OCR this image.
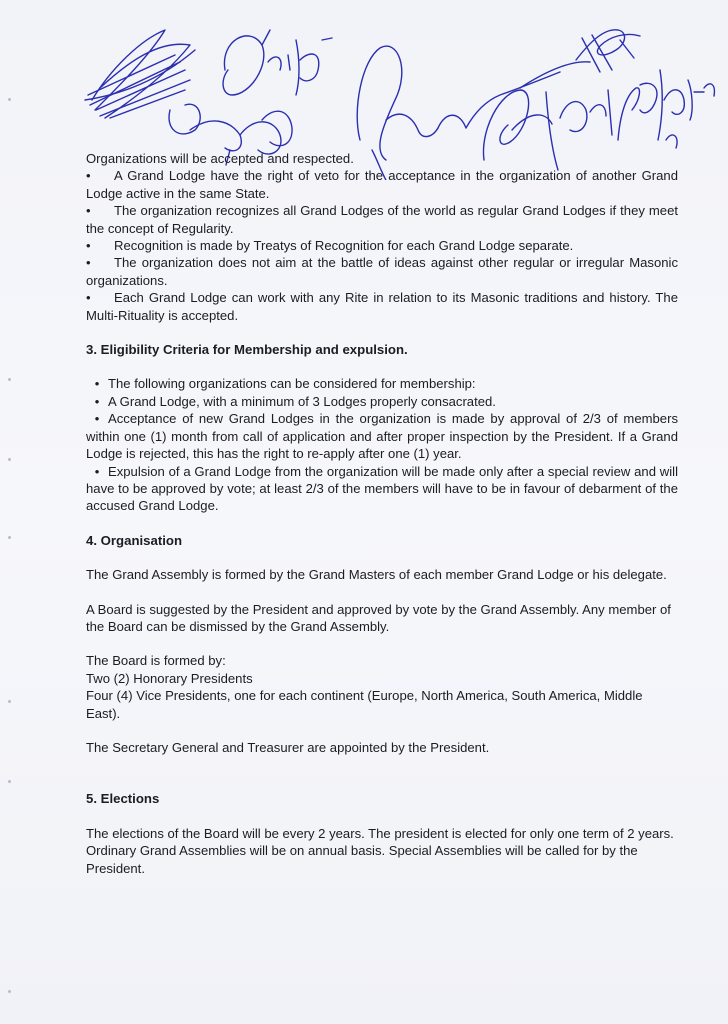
Organizations will be accepted and respected.

• A Grand Lodge have the right of veto for the acceptance in the organization of another Grand Lodge active in the same State.

• The organization recognizes all Grand Lodges of the world as regular Grand Lodges if they meet the concept of Regularity.

• Recognition is made by Treatys of Recognition for each Grand Lodge separate.

• The organization does not aim at the battle of ideas against other regular or irregular Masonic organizations.

• Each Grand Lodge can work with any Rite in relation to its Masonic traditions and history. The Multi-Rituality is accepted.

3. Eligibility Criteria for Membership and expulsion.
• The following organizations can be considered for membership:
• A Grand Lodge, with a minimum of 3 Lodges properly consacrated.
• Acceptance of new Grand Lodges in the organization is made by approval of 2/3 of members within one (1) month from call of application and after proper inspection by the President. If a Grand Lodge is rejected, this has the right to re-apply after one (1) year.
• Expulsion of a Grand Lodge from the organization will be made only after a special review and will have to be approved by vote; at least 2/3 of the members will have to be in favour of debarment of the accused Grand Lodge.
4. Organisation

The Grand Assembly is formed by the Grand Masters of each member Grand Lodge or his delegate.

A Board is suggested by the President and approved by vote by the Grand Assembly. Any member of the Board can be dismissed by the Grand Assembly.

The Board is formed by:

Two (2) Honorary Presidents

Four (4) Vice Presidents, one for each continent (Europe, North America, South America, Middle East).

The Secretary General and Treasurer are appointed by the President.

5. Elections

The elections of the Board will be every 2 years. The president is elected for only one term of 2 years. Ordinary Grand Assemblies will be on annual basis. Special Assemblies will be called for by the President.
